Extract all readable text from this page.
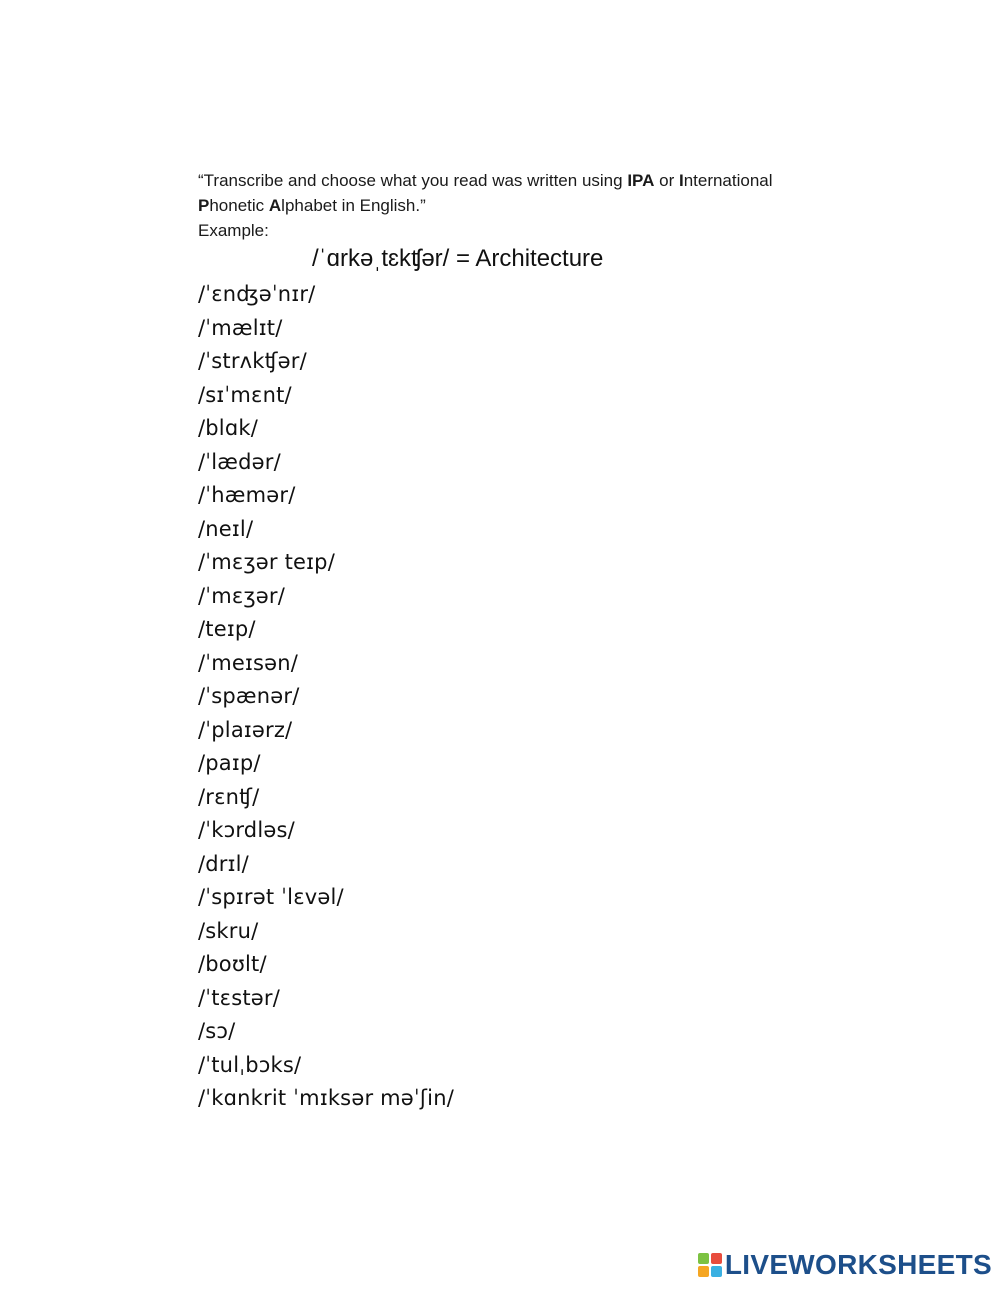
“Transcribe and choose what you read was written using IPA or International
Phonetic Alphabet in English.”
Example:
/ˈɑrkəˌtɛkʧər/ = Architecture
/ˈɛnʤəˈnɪr/
/ˈmælɪt/
/ˈstrʌkʧər/
/sɪˈmɛnt/
/blɑk/
/ˈlædər/
/ˈhæmər/
/neɪl/
/ˈmɛʒər teɪp/
/ˈmɛʒər/
/teɪp/
/ˈmeɪsən/
/ˈspænər/
/ˈplaɪərz/
/paɪp/
/rɛnʧ/
/ˈkɔrdləs/
/drɪl/
/ˈspɪrət ˈlɛvəl/
/skru/
/boʊlt/
/ˈtɛstər/
/sɔ/
/ˈtulˌbɔks/
/ˈkɑnkrit ˈmɪksər məˈʃin/
LIVEWORKSHEETS
